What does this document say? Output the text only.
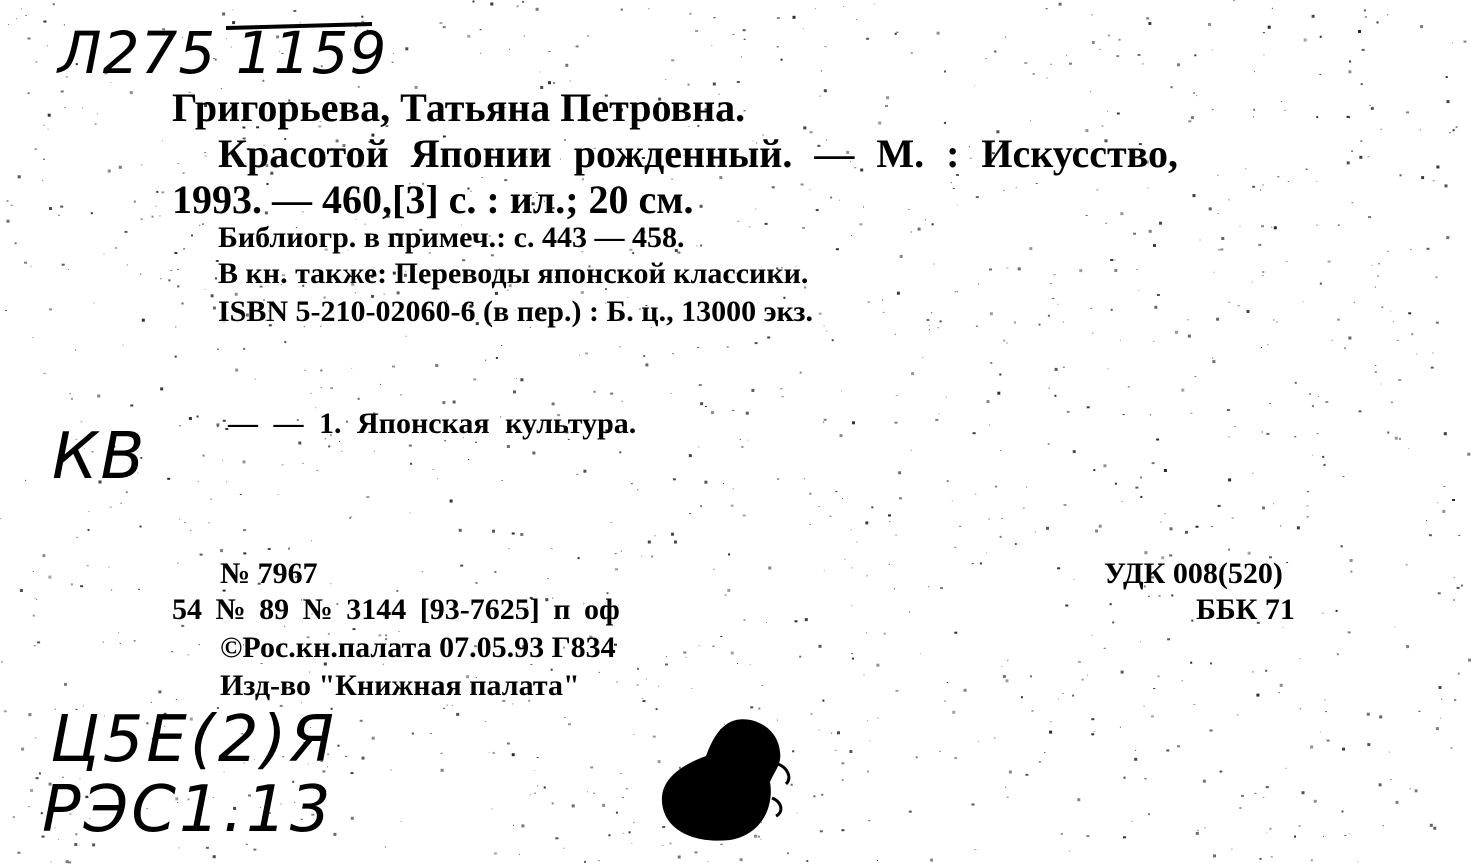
Л275 1159
Григорьева, Татьяна Петровна.
Красотой Японии рожденный. — М. : Искусство,
1993. — 460,[3] с. : ил.; 20 см.
Библиогр. в примеч.: с. 443 — 458.
В кн. также: Переводы японской классики.
ISBN 5-210-02060-6 (в пер.) : Б. ц., 13000 экз.
КВ	— — 1. Японская культура.
№ 7967
54 № 89 № 3144 [93-7625] п оф
©Рос.кн.палата 07.05.93 Г834
Изд-во "Книжная палата"
УДК 008(520)
ББК 71
Ц5Е(2)Я
РЭС1.13
